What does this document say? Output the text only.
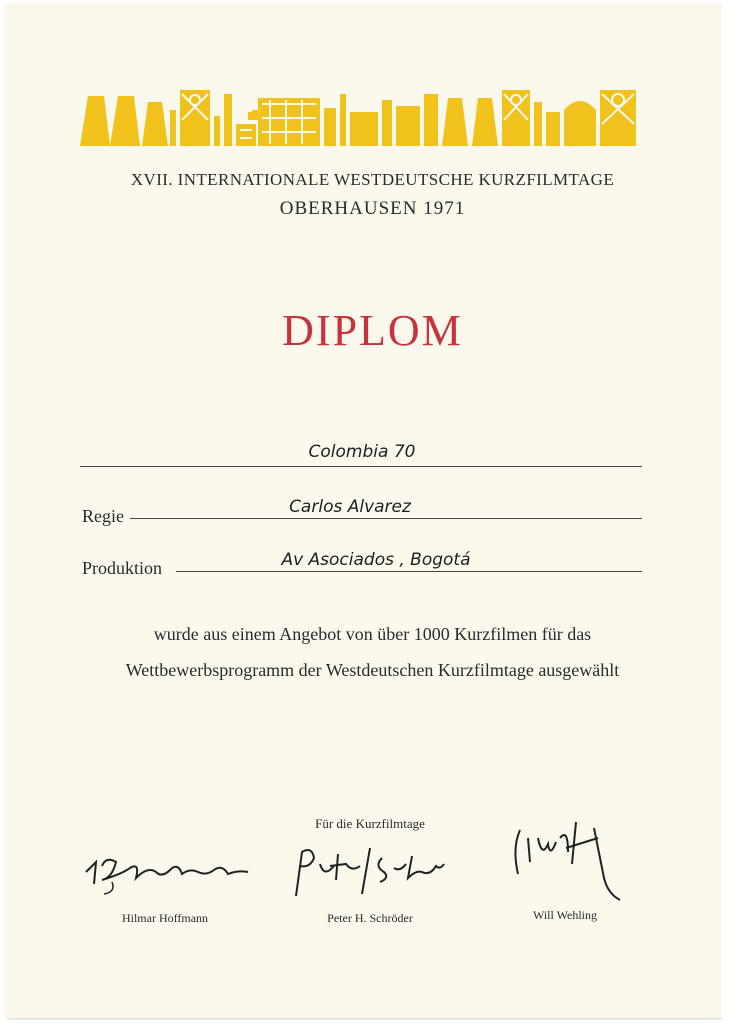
XVII. INTERNATIONALE WESTDEUTSCHE KURZFILMTAGE
OBERHAUSEN 1971
DIPLOM
Colombia 70
Regie	Carlos Alvarez
Produktion	Av Asociados , Bogotá
wurde aus einem Angebot von über 1000 Kurzfilmen für das
Wettbewerbsprogramm der Westdeutschen Kurzfilmtage ausgewählt
Für die Kurzfilmtage
Hilmar Hoffmann	Peter H. Schröder	Will Wehling
